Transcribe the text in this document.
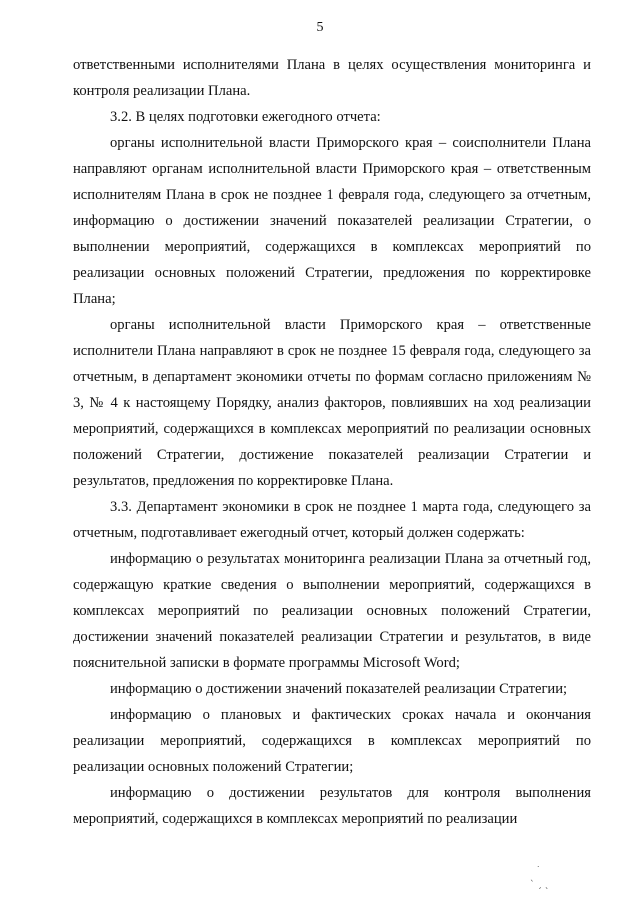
5

ответственными исполнителями Плана в целях осуществления мониторинга и контроля реализации Плана.

3.2. В целях подготовки ежегодного отчета:

органы исполнительной власти Приморского края – соисполнители Плана направляют органам исполнительной власти Приморского края – ответственным исполнителям Плана в срок не позднее 1 февраля года, следующего за отчетным, информацию о достижении значений показателей реализации Стратегии, о выполнении мероприятий, содержащихся в комплексах мероприятий по реализации основных положений Стратегии, предложения по корректировке Плана;

органы исполнительной власти Приморского края – ответственные исполнители Плана направляют в срок не позднее 15 февраля года, следующего за отчетным, в департамент экономики отчеты по формам согласно приложениям № 3, № 4 к настоящему Порядку, анализ факторов, повлиявших на ход реализации мероприятий, содержащихся в комплексах мероприятий по реализации основных положений Стратегии, достижение показателей реализации Стратегии и результатов, предложения по корректировке Плана.

3.3. Департамент экономики в срок не позднее 1 марта года, следующего за отчетным, подготавливает ежегодный отчет, который должен содержать:

информацию о результатах мониторинга реализации Плана за отчетный год, содержащую краткие сведения о выполнении мероприятий, содержащихся в комплексах мероприятий по реализации основных положений Стратегии, достижении значений показателей реализации Стратегии и результатов, в виде пояснительной записки в формате программы Microsoft Word;

информацию о достижении значений показателей реализации Стратегии;

информацию о плановых и фактических сроках начала и окончания реализации мероприятий, содержащихся в комплексах мероприятий по реализации основных положений Стратегии;

информацию о достижении результатов для контроля выполнения мероприятий, содержащихся в комплексах мероприятий по реализации

˙
ˋ ˏ ˎ
